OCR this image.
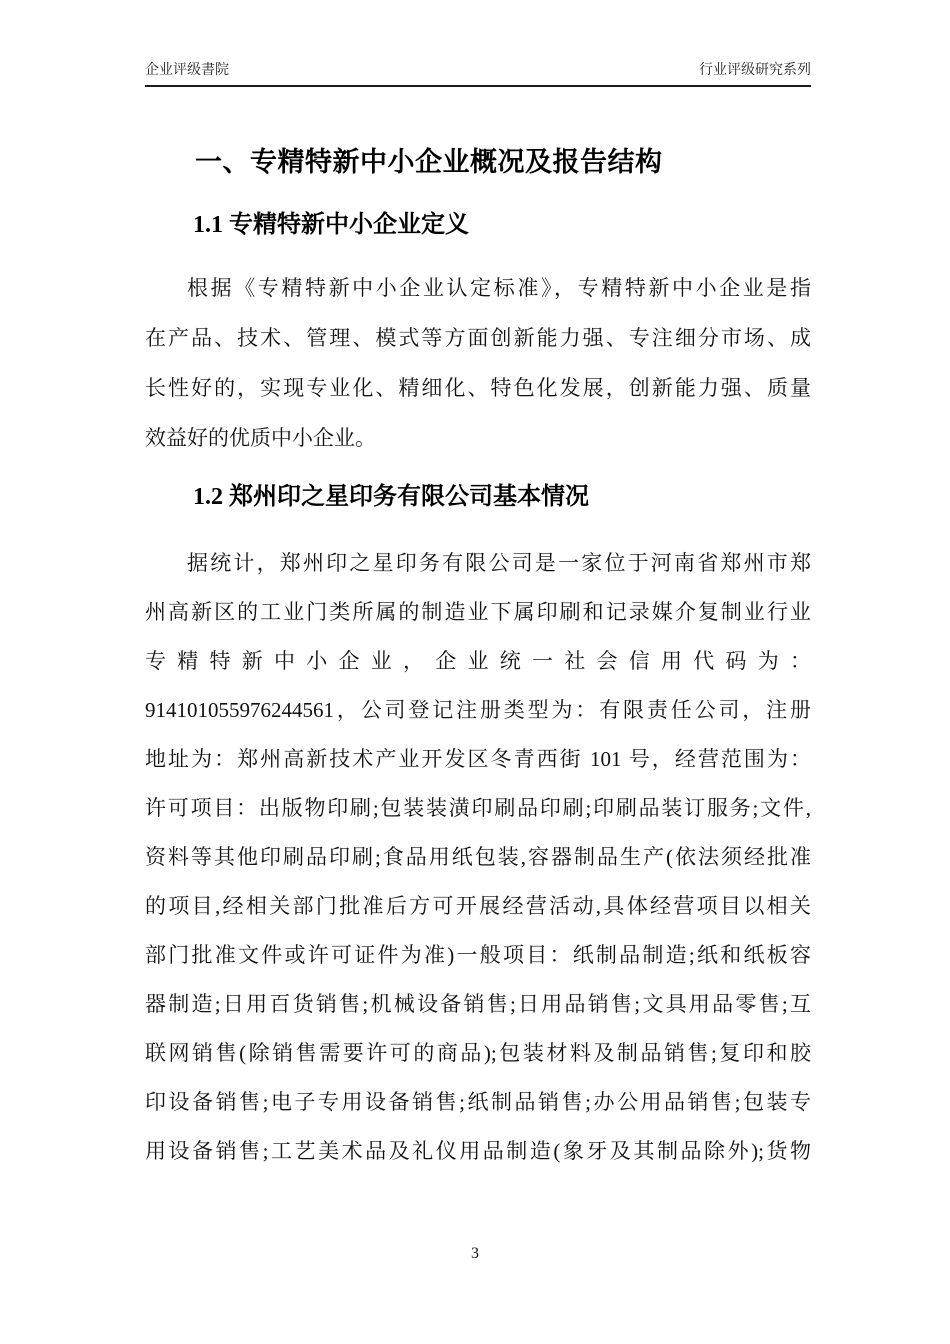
企业评级書院	行业评级研究系列
一、专精特新中小企业概况及报告结构
1.1 专精特新中小企业定义
根据《专精特新中小企业认定标准》，专精特新中小企业是指
在产品、技术、管理、模式等方面创新能力强、专注细分市场、成
长性好的，实现专业化、精细化、特色化发展，创新能力强、质量
效益好的优质中小企业。
1.2 郑州印之星印务有限公司基本情况
据统计，郑州印之星印务有限公司是一家位于河南省郑州市郑
州高新区的工业门类所属的制造业下属印刷和记录媒介复制业行业
专精特新中小企业，企业统一社会信用代码为：
914101055976244561，公司登记注册类型为：有限责任公司，注册
地址为：郑州高新技术产业开发区冬青西街 101 号，经营范围为：
许可项目：出版物印刷;包装装潢印刷品印刷;印刷品装订服务;文件,
资料等其他印刷品印刷;食品用纸包装,容器制品生产(依法须经批准
的项目,经相关部门批准后方可开展经营活动,具体经营项目以相关
部门批准文件或许可证件为准)一般项目：纸制品制造;纸和纸板容
器制造;日用百货销售;机械设备销售;日用品销售;文具用品零售;互
联网销售(除销售需要许可的商品);包装材料及制品销售;复印和胶
印设备销售;电子专用设备销售;纸制品销售;办公用品销售;包装专
用设备销售;工艺美术品及礼仪用品制造(象牙及其制品除外);货物
3
